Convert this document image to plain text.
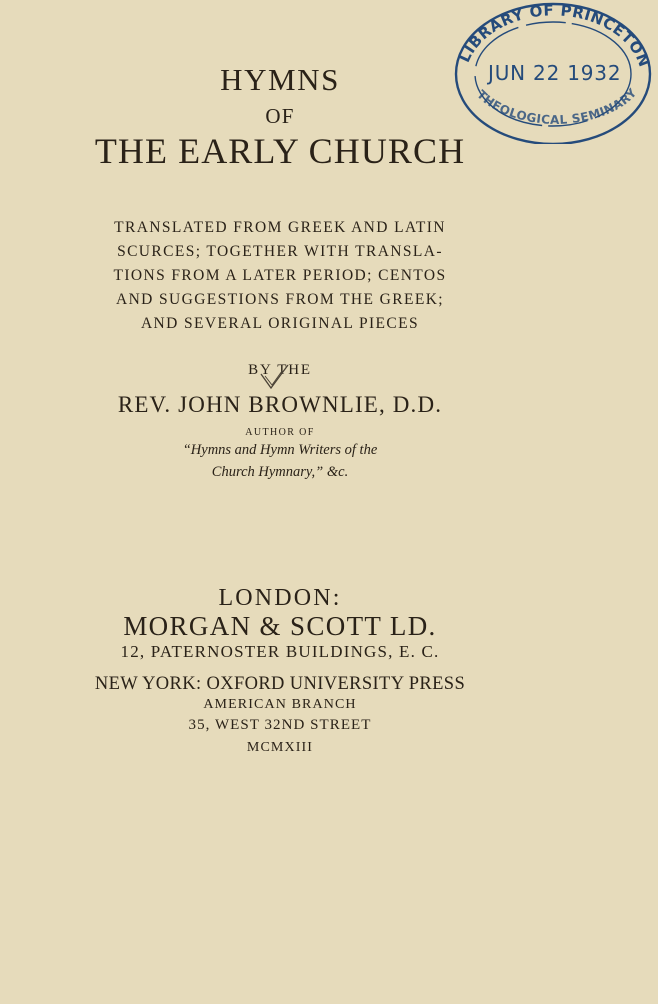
LIBRARY OF PRINCETON
THEOLOGICAL SEMINARY
JUN 22 1932
HYMNS
OF
THE EARLY CHURCH
TRANSLATED FROM GREEK AND LATIN
SCURCES; TOGETHER WITH TRANSLA-
TIONS FROM A LATER PERIOD; CENTOS
AND SUGGESTIONS FROM THE GREEK;
AND SEVERAL ORIGINAL PIECES
BY THE
REV. JOHN BROWNLIE, D.D.
AUTHOR OF
“Hymns and Hymn Writers of the
Church Hymnary,” &c.
LONDON:
MORGAN & SCOTT LD.
12, PATERNOSTER BUILDINGS, E. C.
NEW YORK: OXFORD UNIVERSITY PRESS
AMERICAN BRANCH
35, WEST 32ND STREET
MCMXIII
